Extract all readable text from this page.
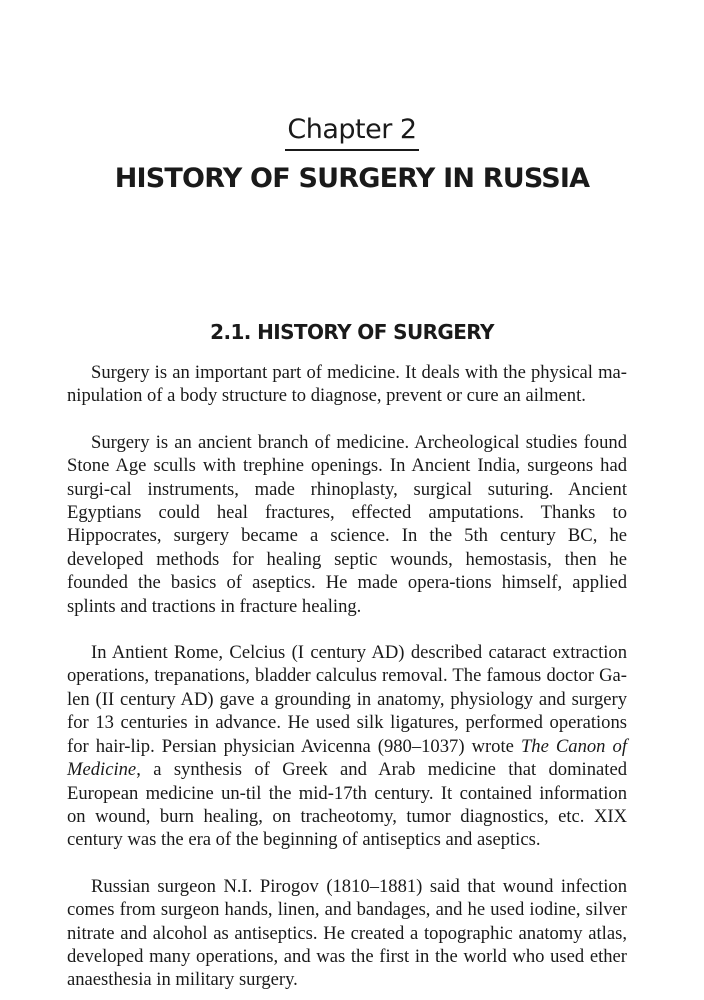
Chapter 2
HISTORY OF SURGERY IN RUSSIA
2.1. HISTORY OF SURGERY

Surgery is an important part of medicine. It deals with the physical ma-nipulation of a body structure to diagnose, prevent or cure an ailment.

Surgery is an ancient branch of medicine. Archeological studies found Stone Age sculls with trephine openings. In Ancient India, surgeons had surgi-cal instruments, made rhinoplasty, surgical suturing. Ancient Egyptians could heal fractures, effected amputations. Thanks to Hippocrates, surgery became a science. In the 5th century BC, he developed methods for healing septic wounds, hemostasis, then he founded the basics of aseptics. He made opera-tions himself, applied splints and tractions in fracture healing.

In Antient Rome, Celcius (I century AD) described cataract extraction operations, trepanations, bladder calculus removal. The famous doctor Ga-len (II century AD) gave a grounding in anatomy, physiology and surgery for 13 centuries in advance. He used silk ligatures, performed operations for hair-lip. Persian physician Avicenna (980–1037) wrote The Canon of Medicine, a synthesis of Greek and Arab medicine that dominated European medicine un-til the mid-17th century. It contained information on wound, burn healing, on tracheotomy, tumor diagnostics, etc. XIX century was the era of the beginning of antiseptics and aseptics.

Russian surgeon N.I. Pirogov (1810–1881) said that wound infection comes from surgeon hands, linen, and bandages, and he used iodine, silver nitrate and alcohol as antiseptics. He created a topographic anatomy atlas, developed many operations, and was the first in the world who used ether anaesthesia in military surgery.
